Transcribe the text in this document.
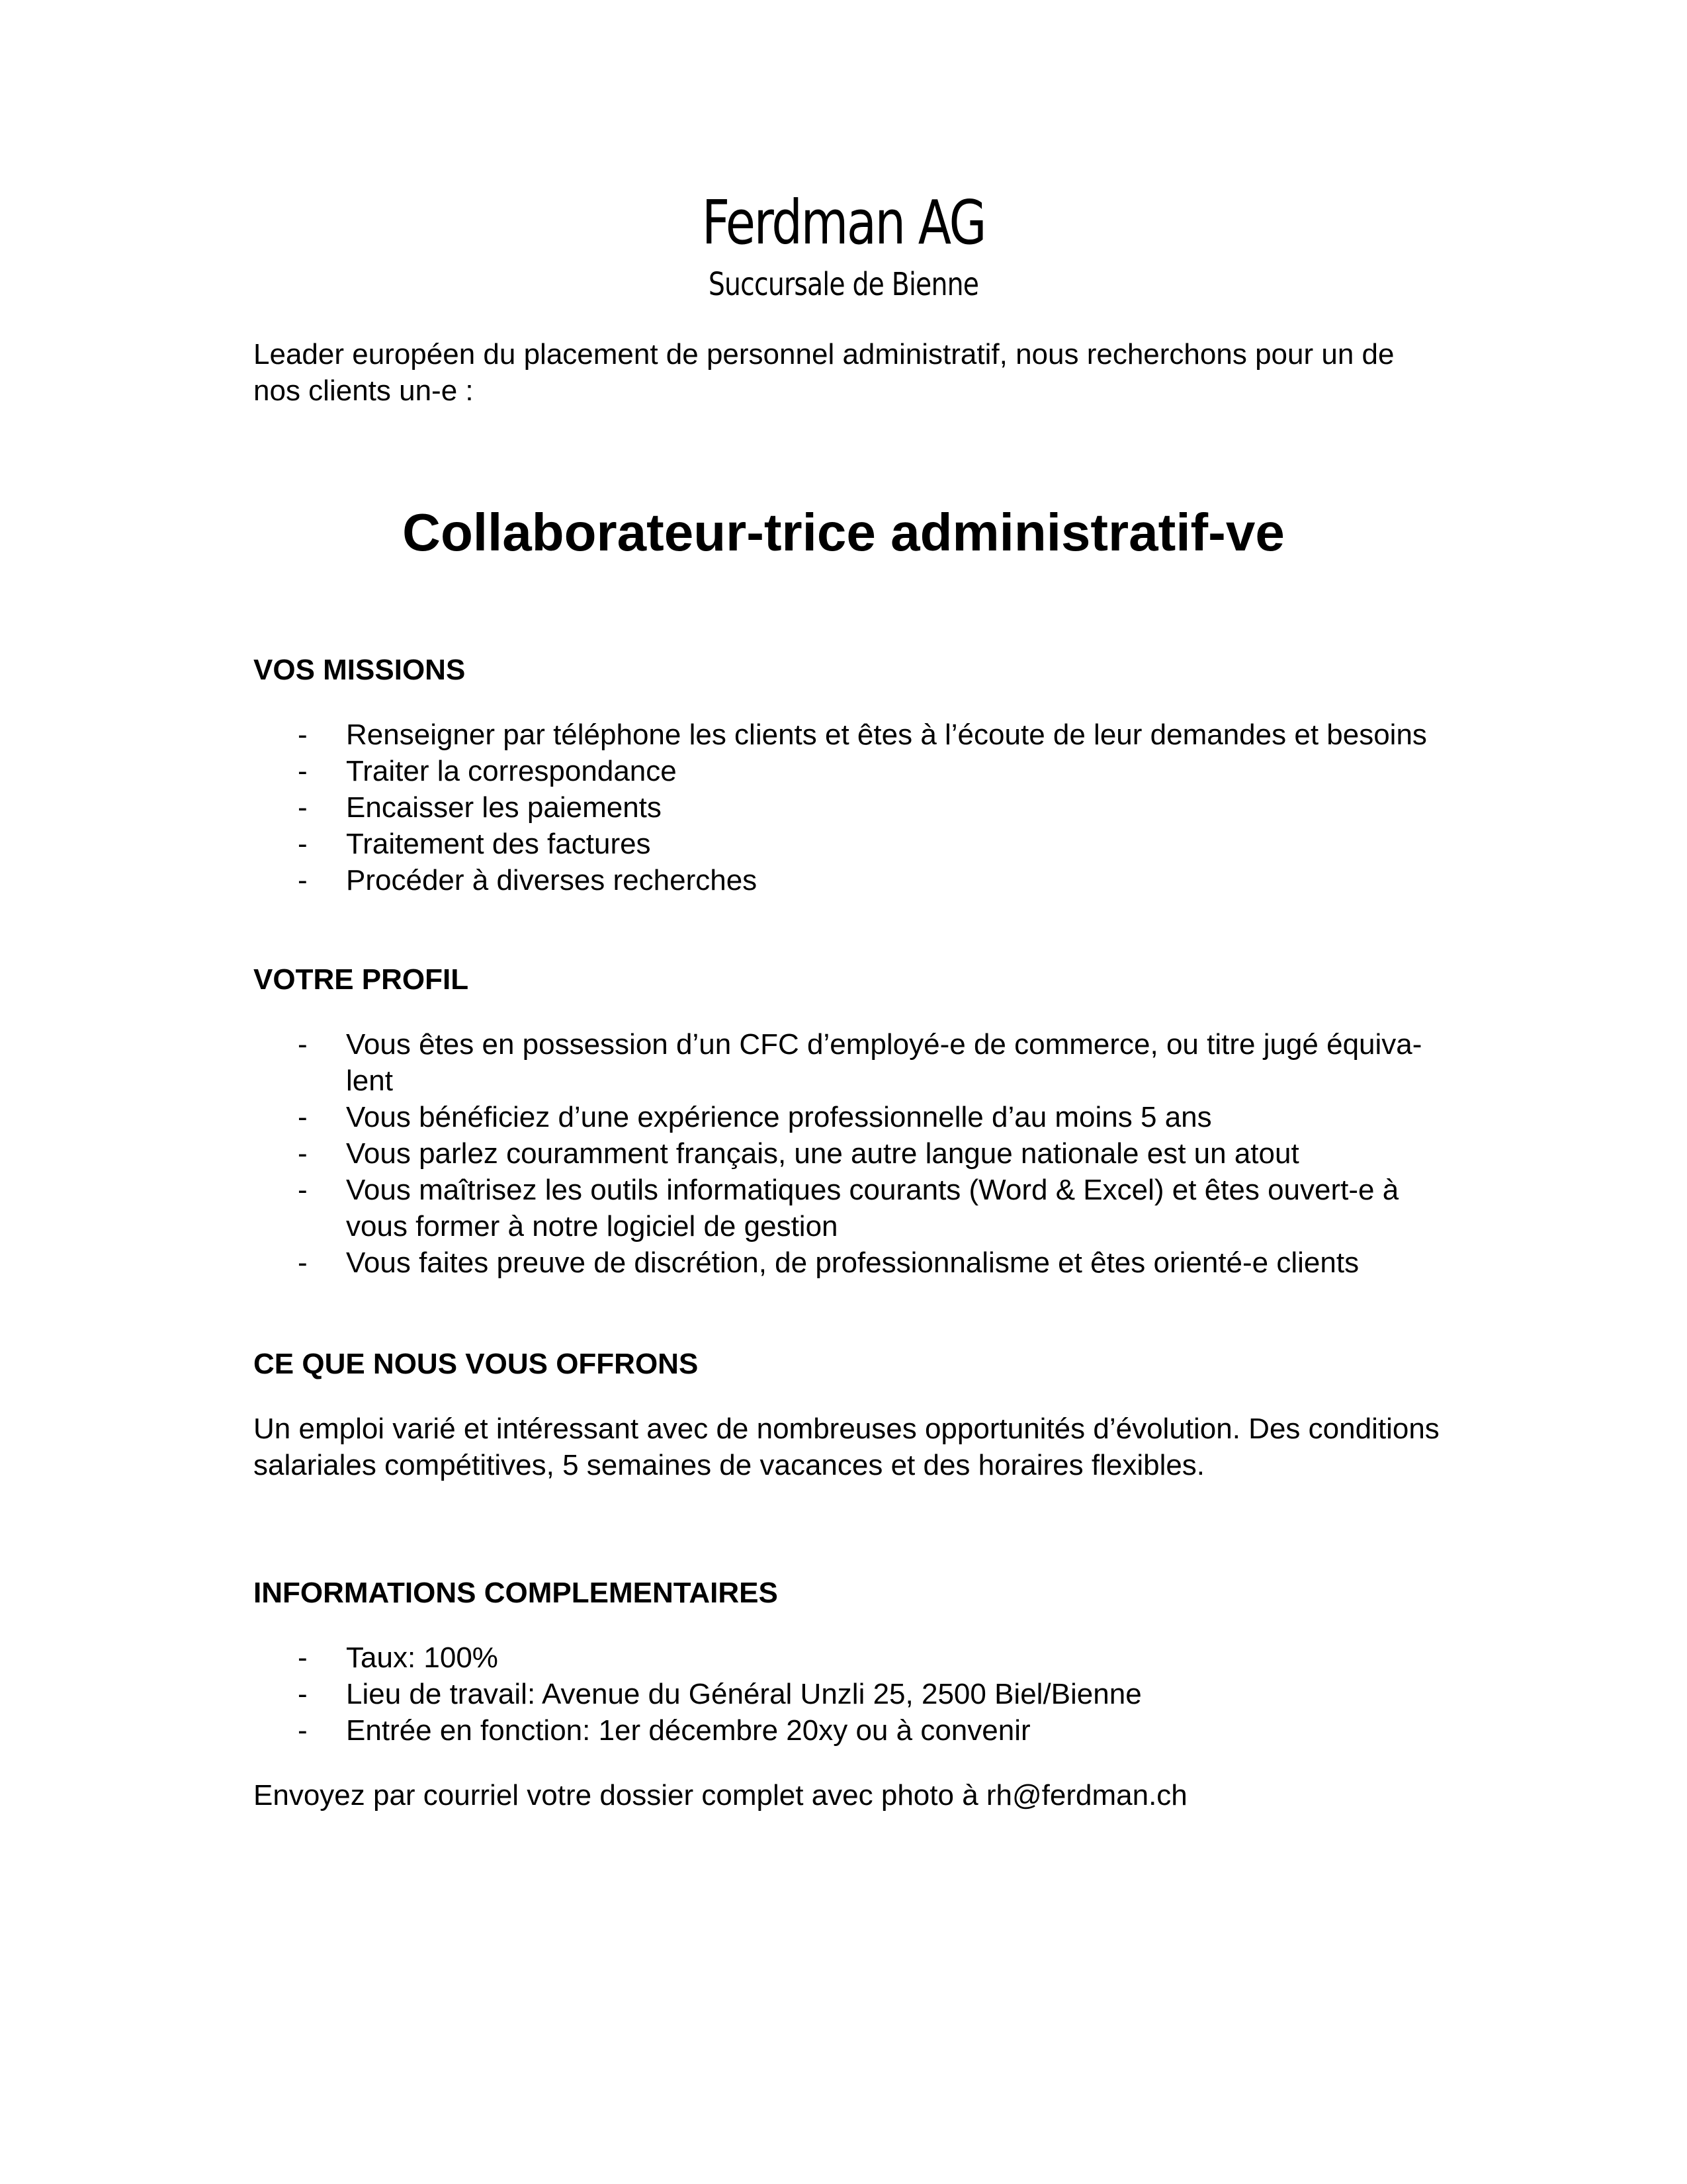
Ferdman AG
Succursale de Bienne
Leader européen du placement de personnel administratif, nous recherchons pour un de nos clients un-e :
Collaborateur-trice administratif-ve
VOS MISSIONS
- Renseigner par téléphone les clients et êtes à l’écoute de leur demandes et besoins
- Traiter la correspondance
- Encaisser les paiements
- Traitement des factures
- Procéder à diverses recherches
VOTRE PROFIL
- Vous êtes en possession d’un CFC d’employé-e de commerce, ou titre jugé équiva-lent
- Vous bénéficiez d’une expérience professionnelle d’au moins 5 ans
- Vous parlez couramment français, une autre langue nationale est un atout
- Vous maîtrisez les outils informatiques courants (Word & Excel) et êtes ouvert-e à vous former à notre logiciel de gestion
- Vous faites preuve de discrétion, de professionnalisme et êtes orienté-e clients
CE QUE NOUS VOUS OFFRONS
Un emploi varié et intéressant avec de nombreuses opportunités d’évolution. Des conditions salariales compétitives, 5 semaines de vacances et des horaires flexibles.
INFORMATIONS COMPLEMENTAIRES
- Taux: 100%
- Lieu de travail: Avenue du Général Unzli 25, 2500 Biel/Bienne
- Entrée en fonction: 1er décembre 20xy ou à convenir
Envoyez par courriel votre dossier complet avec photo à rh@ferdman.ch
